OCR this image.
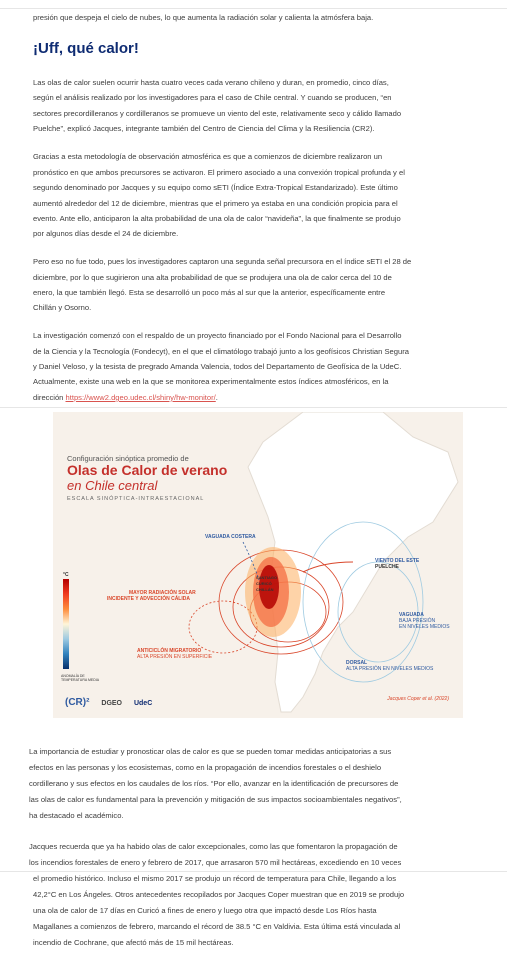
presión que despeja el cielo de nubes, lo que aumenta la radiación solar y calienta la atmósfera baja.
¡Uff, qué calor!
Las olas de calor suelen ocurrir hasta cuatro veces cada verano chileno y duran, en promedio, cinco días,
según el análisis realizado por los investigadores para el caso de Chile central. Y cuando se producen, “en
sectores precordilleranos y cordilleranos se promueve un viento del este, relativamente seco y cálido llamado
Puelche”, explicó Jacques, integrante también del Centro de Ciencia del Clima y la Resiliencia (CR2).
Gracias a esta metodología de observación atmosférica es que a comienzos de diciembre realizaron un
pronóstico en que ambos precursores se activaron. El primero asociado a una convexión tropical profunda y el
segundo denominado por Jacques y su equipo como sETI (Índice Extra-Tropical Estandarizado). Este último
aumentó alrededor del 12 de diciembre, mientras que el primero ya estaba en una condición propicia para el
evento. Ante ello, anticiparon la alta probabilidad de una ola de calor “navideña”, la que finalmente se produjo
por algunos días desde el 24 de diciembre.
Pero eso no fue todo, pues los investigadores captaron una segunda señal precursora en el índice sETI el 28 de
diciembre, por lo que sugirieron una alta probabilidad de que se produjera una ola de calor cerca del 10 de
enero, la que también llegó. Esta se desarrolló un poco más al sur que la anterior, específicamente entre
Chillán y Osorno.
La investigación comenzó con el respaldo de un proyecto financiado por el Fondo Nacional para el Desarrollo
de la Ciencia y la Tecnología (Fondecyt), en el que el climatólogo trabajó junto a los geofísicos Christian Segura
y Daniel Veloso, y la tesista de pregrado Amanda Valencia, todos del Departamento de Geofísica de la UdeC.
Actualmente, existe una web en la que se monitorea experimentalmente estos índices atmosféricos, en la
dirección https://www2.dgeo.udec.cl/shiny/hw-monitor/.
Configuración sinóptica promedio de
Olas de Calor de verano
en Chile central
ESCALA SINÓPTICA-INTRAESTACIONAL
VAGUADA COSTERA
SANTIAGO
CURICÓ
CHILLÁN
VIENTO DEL ESTE
PUELCHE
MAYOR RADIACIÓN SOLAR
INCIDENTE Y ADVECCIÓN CÁLIDA
VAGUADA
BAJA PRESIÓN
EN NIVELES MEDIOS
ANTICICLÓN MIGRATORIO
ALTA PRESIÓN EN SUPERFICIE
DORSAL
ALTA PRESIÓN EN NIVELES MEDIOS
°C
ANOMALÍA DE TEMPERATURA MEDIA
(CR)² DGEO UdeC
Jacques Coper et al. (2022)
La importancia de estudiar y pronosticar olas de calor es que se pueden tomar medidas anticipatorias a sus
efectos en las personas y los ecosistemas, como en la propagación de incendios forestales o el deshielo
cordillerano y sus efectos en los caudales de los ríos. “Por ello, avanzar en la identificación de precursores de
las olas de calor es fundamental para la prevención y mitigación de sus impactos socioambientales negativos”,
ha destacado el académico.
Jacques recuerda que ya ha habido olas de calor excepcionales, como las que fomentaron la propagación de
los incendios forestales de enero y febrero de 2017, que arrasaron 570 mil hectáreas, excediendo en 10 veces
el promedio histórico. Incluso el mismo 2017 se produjo un récord de temperatura para Chile, llegando a los
42,2°C en Los Ángeles. Otros antecedentes recopilados por Jacques Coper muestran que en 2019 se produjo
una ola de calor de 17 días en Curicó a fines de enero y luego otra que impactó desde Los Ríos hasta
Magallanes a comienzos de febrero, marcando el récord de 38.5 °C en Valdivia. Esta última está vinculada al
incendio de Cochrane, que afectó más de 15 mil hectáreas.
